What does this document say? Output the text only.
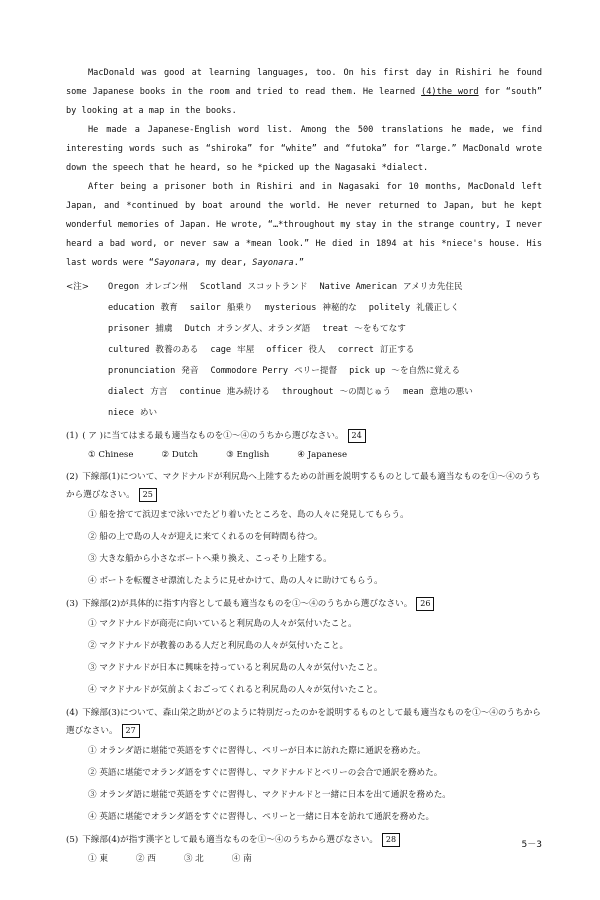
MacDonald was good at learning languages, too. On his first day in Rishiri he found some Japanese books in the room and tried to read them. He learned (4)the word for “south” by looking at a map in the books.

He made a Japanese-English word list. Among the 500 translations he made, we find interesting words such as “shiroka” for “white” and “futoka” for “large.” MacDonald wrote down the speech that he heard, so he *picked up the Nagasaki *dialect.

After being a prisoner both in Rishiri and in Nagasaki for 10 months, MacDonald left Japan, and *continued by boat around the world. He never returned to Japan, but he kept wonderful memories of Japan. He wrote, “…*throughout my stay in the strange country, I never heard a bad word, or never saw a *mean look.” He died in 1894 at his *niece's house. His last words were “Sayonara, my dear, Sayonara.”

<注>	Oregon オレゴン州 Scotland スコットランド Native American アメリカ先住民
education 教育 sailor 船乗り mysterious 神秘的な politely 礼儀正しく
prisoner 捕虜 Dutch オランダ人、オランダ語 treat ～をもてなす
cultured 教養のある cage 牢屋 officer 役人 correct 訂正する
pronunciation 発音 Commodore Perry ペリー提督 pick up ～を自然に覚える
dialect 方言 continue 進み続ける throughout ～の間じゅう mean 意地の悪い
niece めい
(1) ( ア )に当てはまる最も適当なものを①～④のうちから選びなさい。 24
① Chinese	② Dutch	③ English	④ Japanese
(2) 下線部(1)について、マクドナルドが利尻島へ上陸するための計画を説明するものとして最も適当なものを①～④のうちから選びなさい。 25
① 船を捨てて浜辺まで泳いでたどり着いたところを、島の人々に発見してもらう。
② 船の上で島の人々が迎えに来てくれるのを何時間も待つ。
③ 大きな船から小さなボートへ乗り換え、こっそり上陸する。
④ ボートを転覆させ漂流したように見せかけて、島の人々に助けてもらう。
(3) 下線部(2)が具体的に指す内容として最も適当なものを①～④のうちから選びなさい。 26
① マクドナルドが商売に向いていると利尻島の人々が気付いたこと。
② マクドナルドが教養のある人だと利尻島の人々が気付いたこと。
③ マクドナルドが日本に興味を持っていると利尻島の人々が気付いたこと。
④ マクドナルドが気前よくおごってくれると利尻島の人々が気付いたこと。
(4) 下線部(3)について、森山栄之助がどのように特別だったのかを説明するものとして最も適当なものを①～④のうちから選びなさい。 27
① オランダ語に堪能で英語をすぐに習得し、ペリーが日本に訪れた際に通訳を務めた。
② 英語に堪能でオランダ語をすぐに習得し、マクドナルドとペリーの会合で通訳を務めた。
③ オランダ語に堪能で英語をすぐに習得し、マクドナルドと一緒に日本を出て通訳を務めた。
④ 英語に堪能でオランダ語をすぐに習得し、ペリーと一緒に日本を訪れて通訳を務めた。
(5) 下線部(4)が指す漢字として最も適当なものを①～④のうちから選びなさい。 28
① 東	② 西	③ 北	④ 南
5－3
